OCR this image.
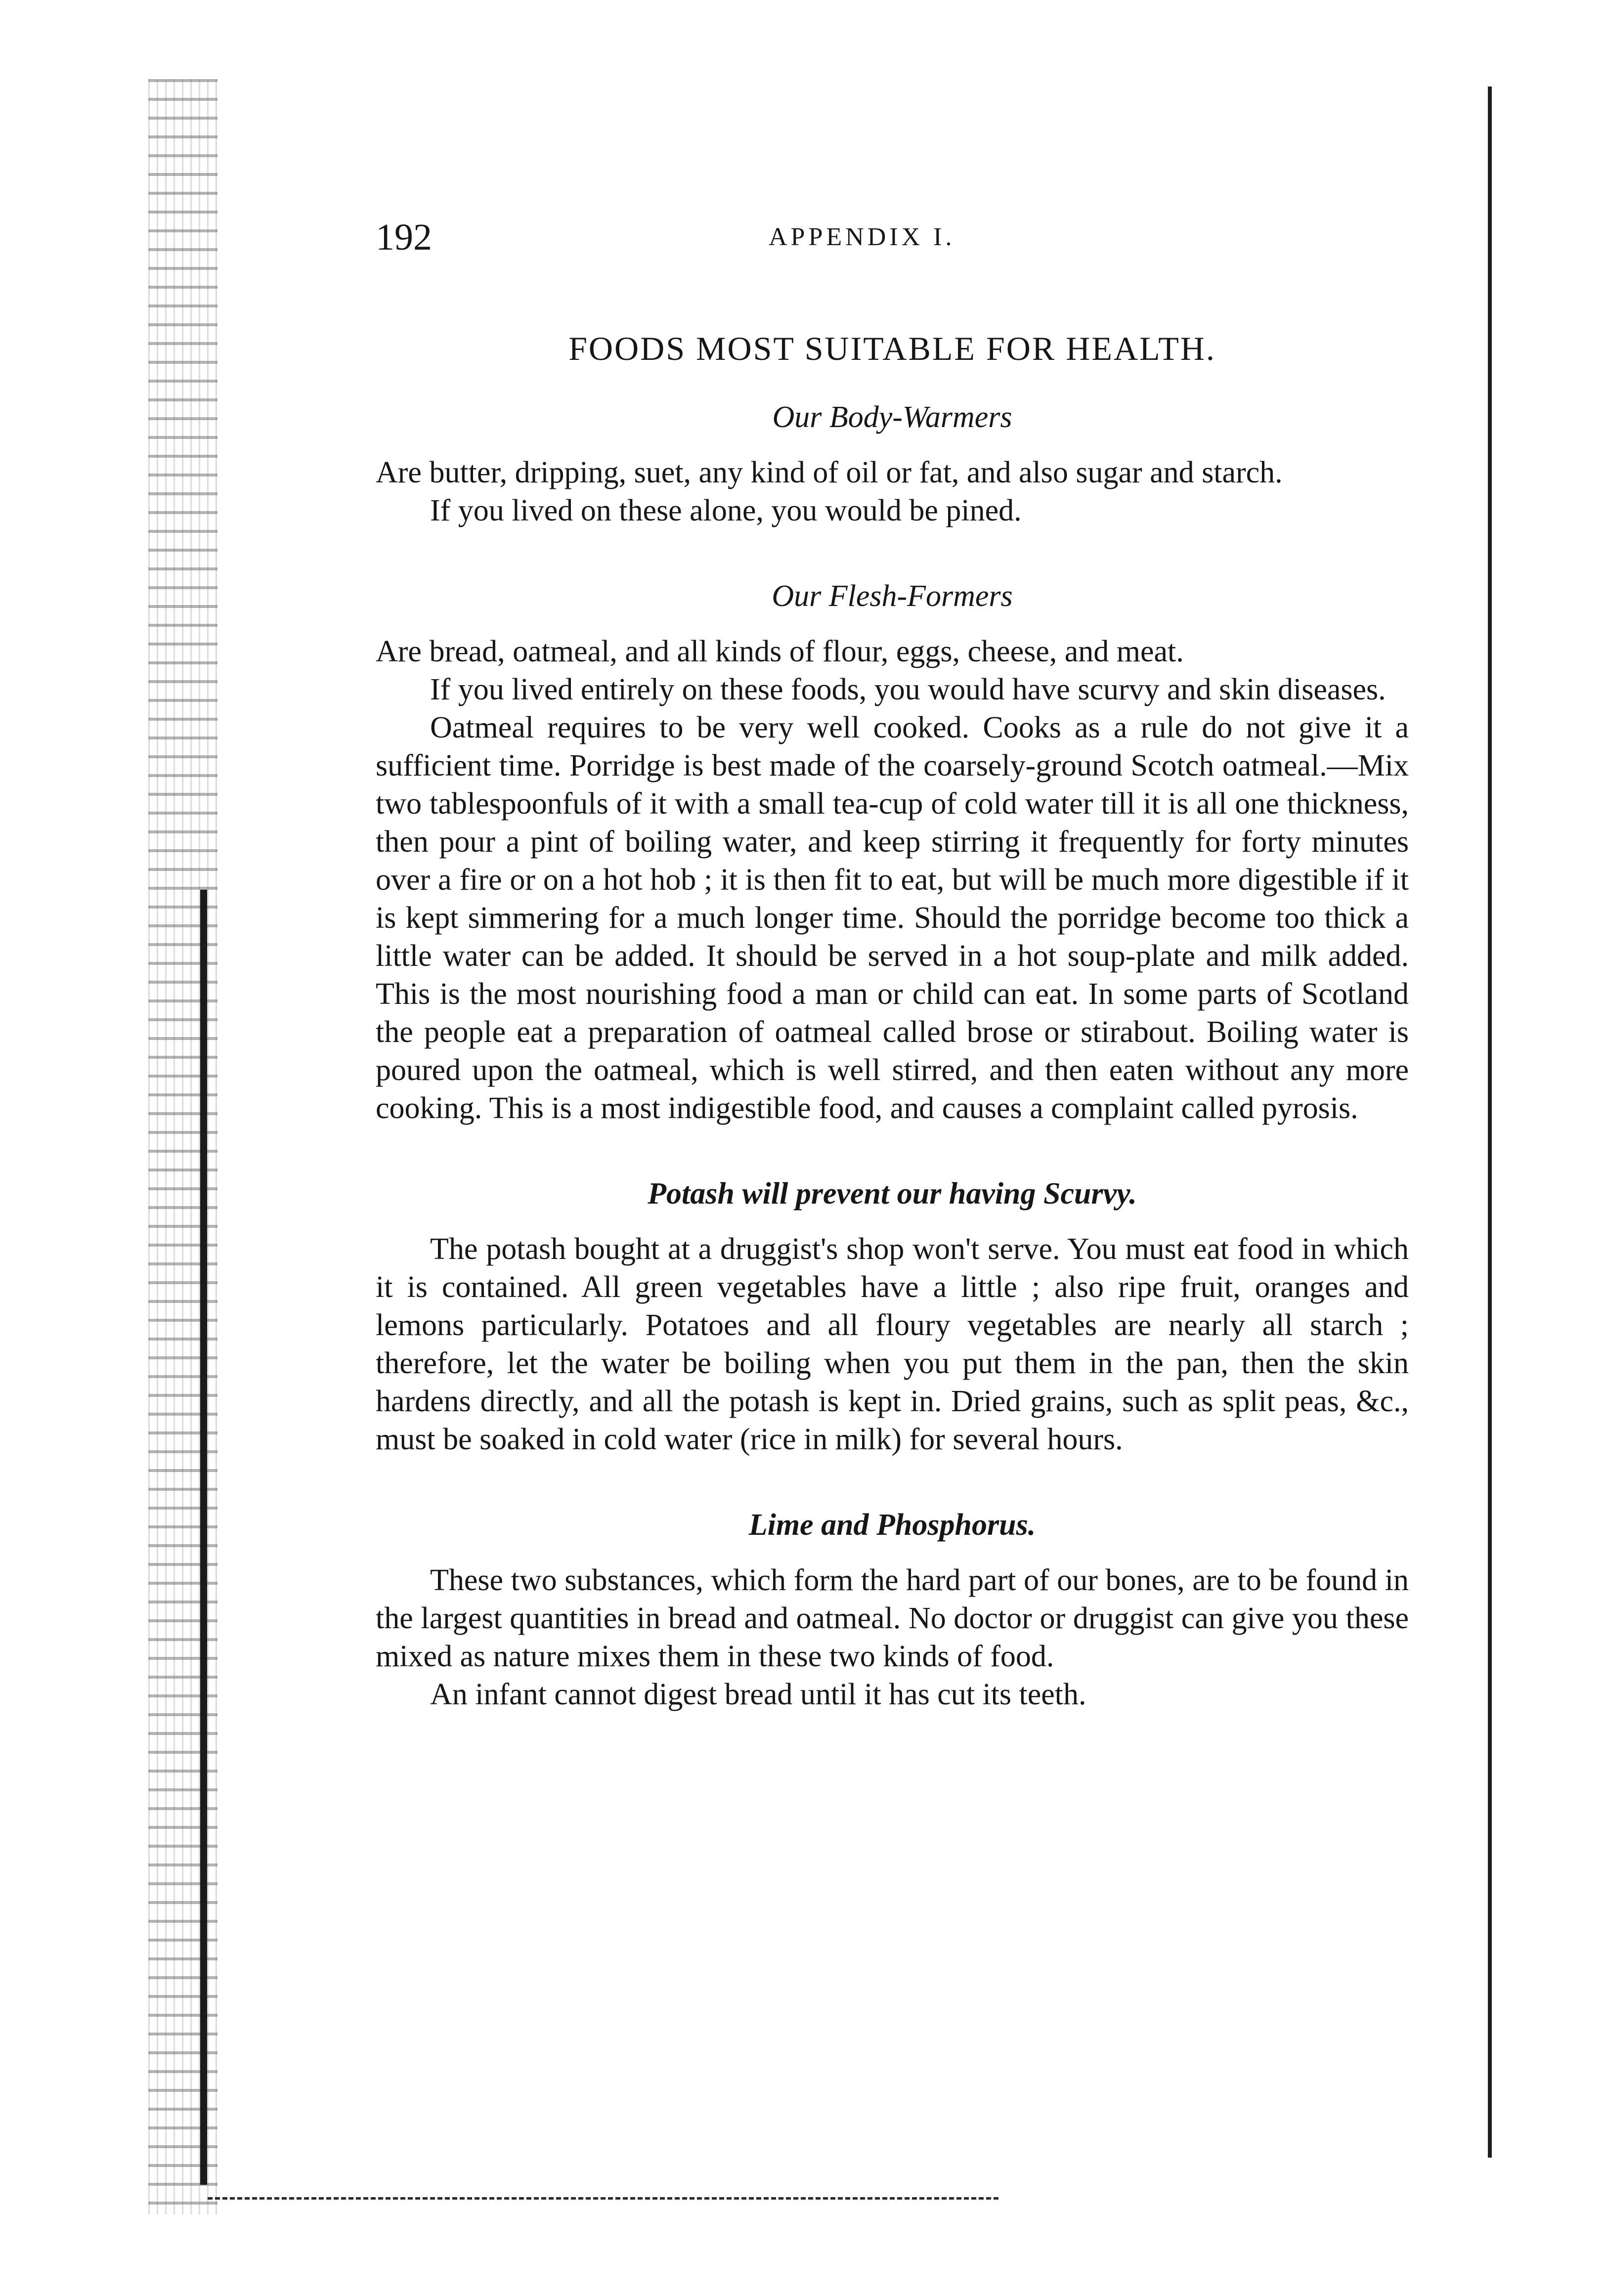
192	APPENDIX I.
FOODS MOST SUITABLE FOR HEALTH.
Our Body-Warmers

Are butter, dripping, suet, any kind of oil or fat, and also sugar and starch.

If you lived on these alone, you would be pined.

Our Flesh-Formers

Are bread, oatmeal, and all kinds of flour, eggs, cheese, and meat.

If you lived entirely on these foods, you would have scurvy and skin diseases.

Oatmeal requires to be very well cooked. Cooks as a rule do not give it a sufficient time. Porridge is best made of the coarsely-ground Scotch oatmeal.—Mix two tablespoonfuls of it with a small tea-cup of cold water till it is all one thickness, then pour a pint of boiling water, and keep stirring it frequently for forty minutes over a fire or on a hot hob ; it is then fit to eat, but will be much more digestible if it is kept simmering for a much longer time. Should the porridge become too thick a little water can be added. It should be served in a hot soup-plate and milk added. This is the most nourishing food a man or child can eat. In some parts of Scotland the people eat a preparation of oatmeal called brose or stirabout. Boiling water is poured upon the oatmeal, which is well stirred, and then eaten without any more cooking. This is a most indigestible food, and causes a complaint called pyrosis.

Potash will prevent our having Scurvy.

The potash bought at a druggist's shop won't serve. You must eat food in which it is contained. All green vegetables have a little ; also ripe fruit, oranges and lemons particularly. Potatoes and all floury vegetables are nearly all starch ; therefore, let the water be boiling when you put them in the pan, then the skin hardens directly, and all the potash is kept in. Dried grains, such as split peas, &c., must be soaked in cold water (rice in milk) for several hours.

Lime and Phosphorus.

These two substances, which form the hard part of our bones, are to be found in the largest quantities in bread and oatmeal. No doctor or druggist can give you these mixed as nature mixes them in these two kinds of food.

An infant cannot digest bread until it has cut its teeth.
